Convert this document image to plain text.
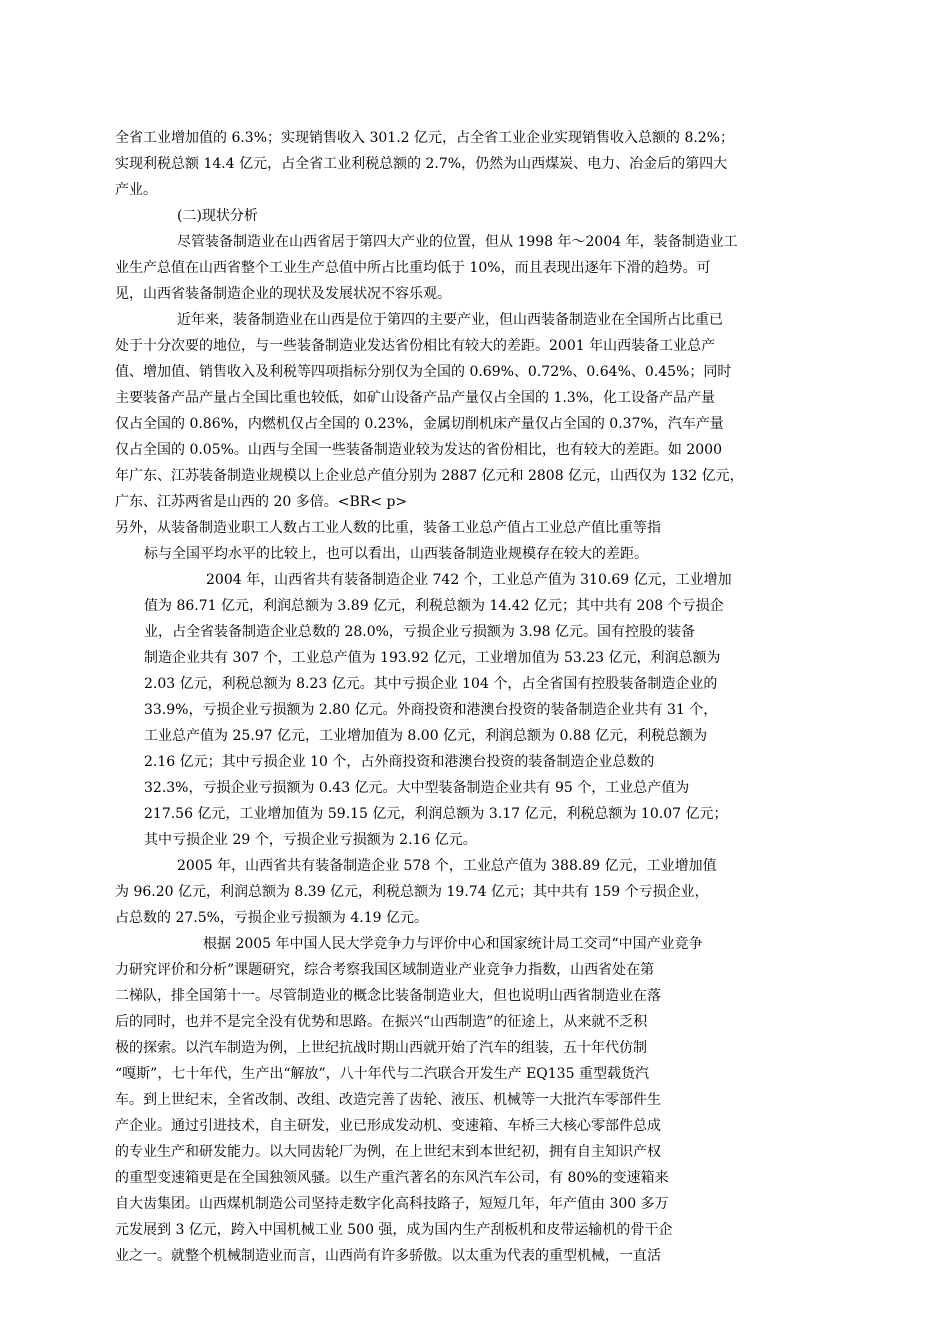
全省工业增加值的 6.3%；实现销售收入 301.2 亿元，占全省工业企业实现销售收入总额的 8.2%；
实现利税总额 14.4 亿元，占全省工业利税总额的 2.7%，仍然为山西煤炭、电力、冶金后的第四大
产业。
(二)现状分析
尽管装备制造业在山西省居于第四大产业的位置，但从 1998 年～2004 年，装备制造业工
业生产总值在山西省整个工业生产总值中所占比重均低于 10%，而且表现出逐年下滑的趋势。可
见，山西省装备制造企业的现状及发展状况不容乐观。
近年来，装备制造业在山西是位于第四的主要产业，但山西装备制造业在全国所占比重已
处于十分次要的地位，与一些装备制造业发达省份相比有较大的差距。2001 年山西装备工业总产
值、增加值、销售收入及利税等四项指标分别仅为全国的 0.69%、0.72%、0.64%、0.45%；同时
主要装备产品产量占全国比重也较低，如矿山设备产品产量仅占全国的 1.3%，化工设备产品产量
仅占全国的 0.86%，内燃机仅占全国的 0.23%，金属切削机床产量仅占全国的 0.37%，汽车产量
仅占全国的 0.05%。山西与全国一些装备制造业较为发达的省份相比，也有较大的差距。如 2000
年广东、江苏装备制造业规模以上企业总产值分别为 2887 亿元和 2808 亿元，山西仅为 132 亿元，
广东、江苏两省是山西的 20 多倍。<BR< p>
另外，从装备制造业职工人数占工业人数的比重，装备工业总产值占工业总产值比重等指
标与全国平均水平的比较上，也可以看出，山西装备制造业规模存在较大的差距。
2004 年，山西省共有装备制造企业 742 个，工业总产值为 310.69 亿元，工业增加
值为 86.71 亿元，利润总额为 3.89 亿元，利税总额为 14.42 亿元；其中共有 208 个亏损企
业，占全省装备制造企业总数的 28.0%，亏损企业亏损额为 3.98 亿元。国有控股的装备
制造企业共有 307 个，工业总产值为 193.92 亿元，工业增加值为 53.23 亿元，利润总额为
2.03 亿元，利税总额为 8.23 亿元。其中亏损企业 104 个，占全省国有控股装备制造企业的
33.9%，亏损企业亏损额为 2.80 亿元。外商投资和港澳台投资的装备制造企业共有 31 个，
工业总产值为 25.97 亿元，工业增加值为 8.00 亿元，利润总额为 0.88 亿元，利税总额为
2.16 亿元；其中亏损企业 10 个，占外商投资和港澳台投资的装备制造企业总数的
32.3%，亏损企业亏损额为 0.43 亿元。大中型装备制造企业共有 95 个，工业总产值为
217.56 亿元，工业增加值为 59.15 亿元，利润总额为 3.17 亿元，利税总额为 10.07 亿元；
其中亏损企业 29 个，亏损企业亏损额为 2.16 亿元。
2005 年，山西省共有装备制造企业 578 个，工业总产值为 388.89 亿元，工业增加值
为 96.20 亿元，利润总额为 8.39 亿元，利税总额为 19.74 亿元；其中共有 159 个亏损企业，
占总数的 27.5%，亏损企业亏损额为 4.19 亿元。
根据 2005 年中国人民大学竞争力与评价中心和国家统计局工交司“中国产业竞争
力研究评价和分析”课题研究，综合考察我国区域制造业产业竞争力指数，山西省处在第
二梯队，排全国第十一。尽管制造业的概念比装备制造业大，但也说明山西省制造业在落
后的同时，也并不是完全没有优势和思路。在振兴“山西制造”的征途上，从来就不乏积
极的探索。以汽车制造为例，上世纪抗战时期山西就开始了汽车的组装，五十年代仿制
“嘎斯”，七十年代，生产出“解放”，八十年代与二汽联合开发生产 EQ135 重型载货汽
车。到上世纪末，全省改制、改组、改造完善了齿轮、液压、机械等一大批汽车零部件生
产企业。通过引进技术，自主研发，业已形成发动机、变速箱、车桥三大核心零部件总成
的专业生产和研发能力。以大同齿轮厂为例，在上世纪末到本世纪初，拥有自主知识产权
的重型变速箱更是在全国独领风骚。以生产重汽著名的东风汽车公司，有 80%的变速箱来
自大齿集团。山西煤机制造公司坚持走数字化高科技路子，短短几年，年产值由 300 多万
元发展到 3 亿元，跨入中国机械工业 500 强，成为国内生产刮板机和皮带运输机的骨干企
业之一。就整个机械制造业而言，山西尚有许多骄傲。以太重为代表的重型机械，一直活
